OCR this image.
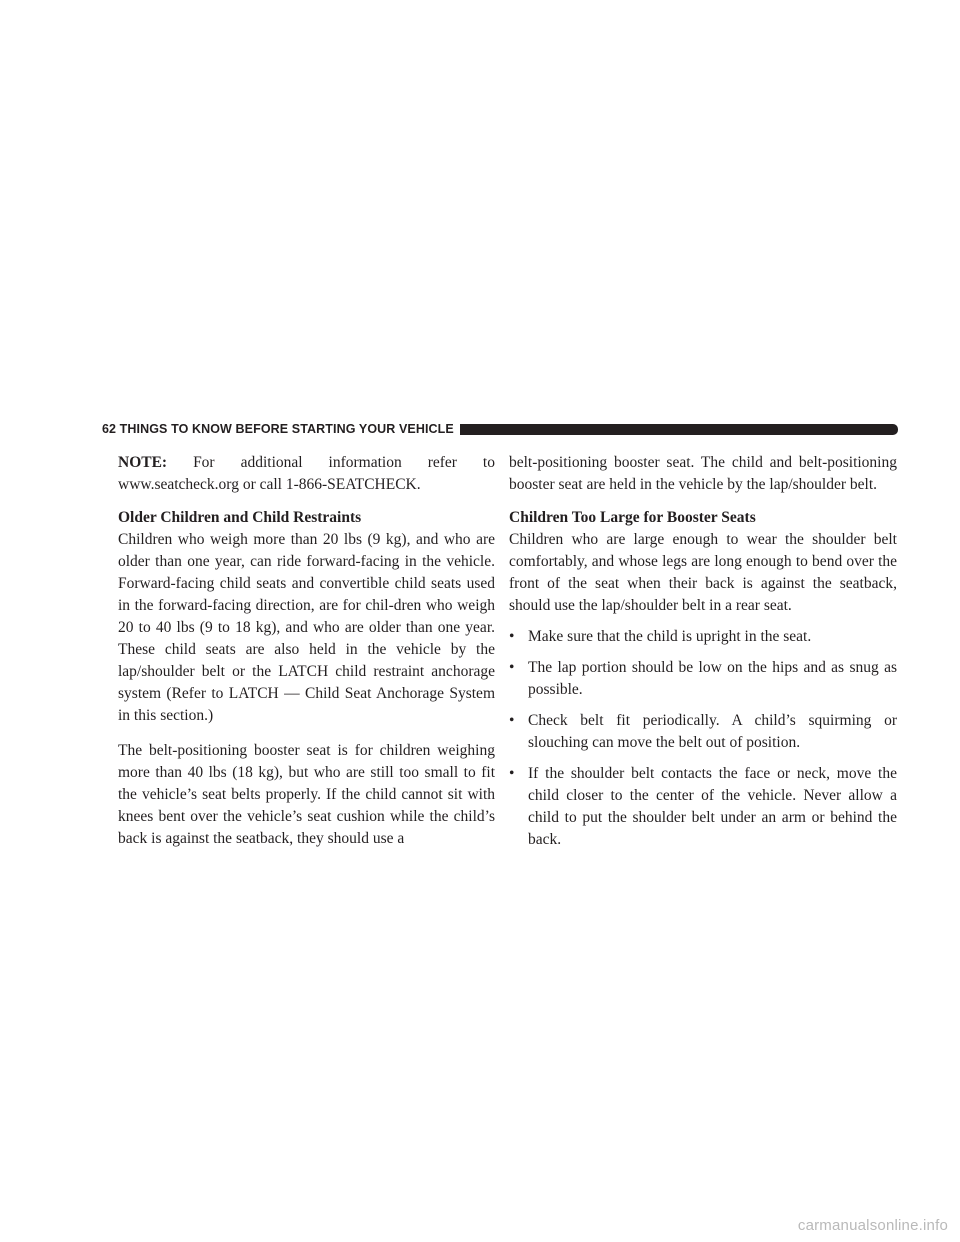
62 THINGS TO KNOW BEFORE STARTING YOUR VEHICLE
NOTE: For additional information refer to

www.seatcheck.org or call 1-866-SEATCHECK.

Older Children and Child Restraints

Children who weigh more than 20 lbs (9 kg), and who are older than one year, can ride forward-facing in the vehicle. Forward-facing child seats and convertible child seats used in the forward-facing direction, are for chil-dren who weigh 20 to 40 lbs (9 to 18 kg), and who are older than one year. These child seats are also held in the vehicle by the lap/shoulder belt or the LATCH child restraint anchorage system (Refer to LATCH — Child Seat Anchorage System in this section.)

The belt-positioning booster seat is for children weighing more than 40 lbs (18 kg), but who are still too small to fit the vehicle’s seat belts properly. If the child cannot sit with knees bent over the vehicle’s seat cushion while the child’s back is against the seatback, they should use a

belt-positioning booster seat. The child and belt-positioning booster seat are held in the vehicle by the lap/shoulder belt.

Children Too Large for Booster Seats

Children who are large enough to wear the shoulder belt comfortably, and whose legs are long enough to bend over the front of the seat when their back is against the seatback, should use the lap/shoulder belt in a rear seat.

• Make sure that the child is upright in the seat.
• The lap portion should be low on the hips and as snug as possible.
• Check belt fit periodically. A child’s squirming or slouching can move the belt out of position.
• If the shoulder belt contacts the face or neck, move the child closer to the center of the vehicle. Never allow a child to put the shoulder belt under an arm or behind the back.
carmanualsonline.info
